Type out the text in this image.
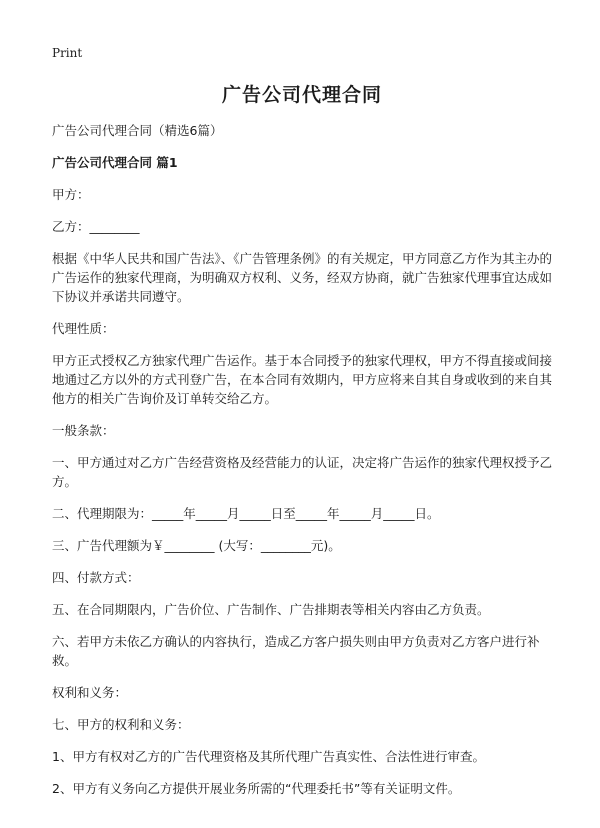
Print
广告公司代理合同
广告公司代理合同（精选6篇）
广告公司代理合同 篇1
甲方：
乙方：________
根据《中华人民共和国广告法》、《广告管理条例》的有关规定，甲方同意乙方作为其主办的广告运作的独家代理商，为明确双方权利、义务，经双方协商，就广告独家代理事宜达成如下协议并承诺共同遵守。
代理性质：
甲方正式授权乙方独家代理广告运作。基于本合同授予的独家代理权，甲方不得直接或间接地通过乙方以外的方式刊登广告，在本合同有效期内，甲方应将来自其自身或收到的来自其他方的相关广告询价及订单转交给乙方。
一般条款：
一、甲方通过对乙方广告经营资格及经营能力的认证，决定将广告运作的独家代理权授予乙方。
二、代理期限为：_____年_____月_____日至_____年_____月_____日。
三、广告代理额为￥________ (大写：________元)。
四、付款方式：
五、在合同期限内，广告价位、广告制作、广告排期表等相关内容由乙方负责。
六、若甲方未依乙方确认的内容执行，造成乙方客户损失则由甲方负责对乙方客户进行补救。
权利和义务：
七、甲方的权利和义务：
1、甲方有权对乙方的广告代理资格及其所代理广告真实性、合法性进行审查。
2、甲方有义务向乙方提供开展业务所需的“代理委托书”等有关证明文件。
